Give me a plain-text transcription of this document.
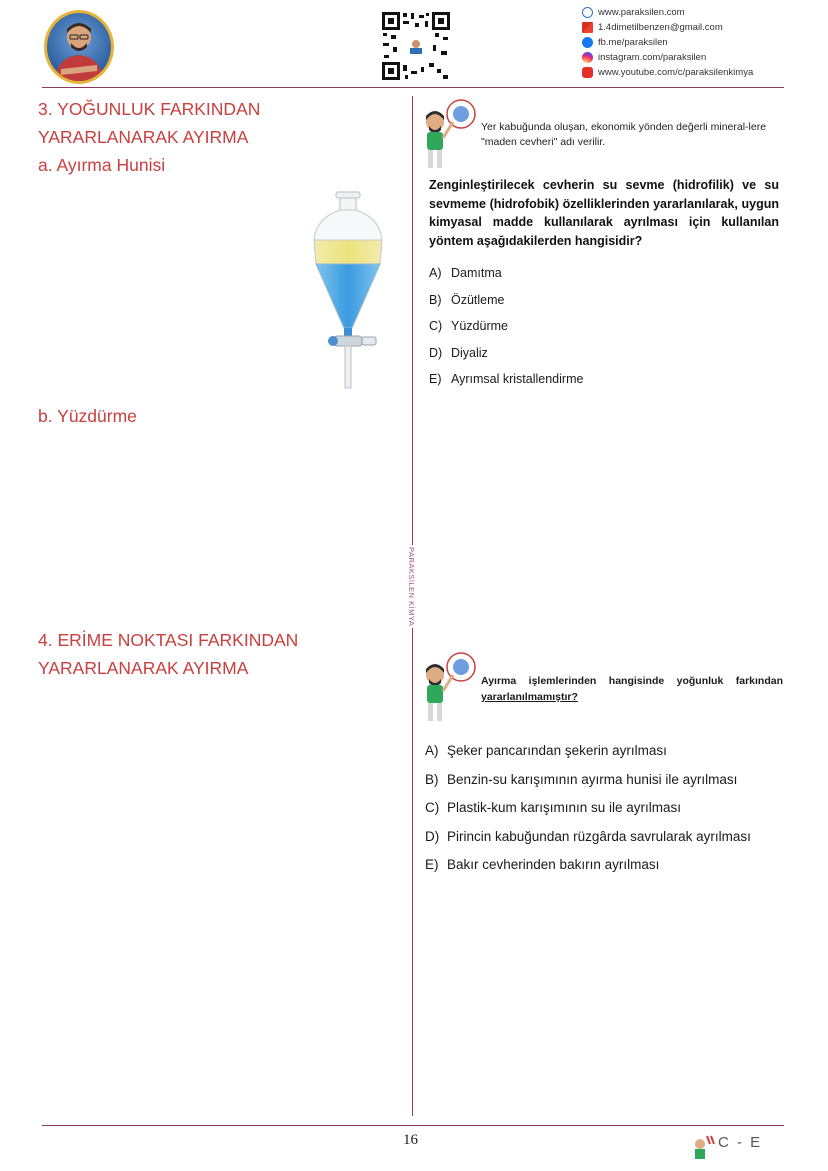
www.paraksilen.com
1.4dimetilbenzen@gmail.com
fb.me/paraksilen
instagram.com/paraksilen
www.youtube.com/c/paraksilenkimya
PARAKSİLEN KİMYA
3. YOĞUNLUK FARKINDAN
YARARLANARAK AYIRMA
a. Ayırma Hunisi
b. Yüzdürme
4. ERİME NOKTASI FARKINDAN
YARARLANARAK AYIRMA
Yer kabuğunda oluşan, ekonomik yönden değerli mineral-lere "maden cevheri" adı verilir.
Zenginleştirilecek cevherin su sevme (hidrofilik) ve su sevmeme (hidrofobik) özelliklerinden yararlanılarak, uygun kimyasal madde kullanılarak ayrılması için kullanılan yöntem aşağıdakilerden hangisidir?
A) Damıtma
B) Özütleme
C) Yüzdürme
D) Diyaliz
E) Ayrımsal kristallendirme
Ayırma işlemlerinden hangisinde yoğunluk farkından yararlanılmamıştır?
A) Şeker pancarından şekerin ayrılması
B) Benzin-su karışımının ayırma hunisi ile ayrılması
C) Plastik-kum karışımının su ile ayrılması
D) Pirincin kabuğundan rüzgârda savrularak ayrılması
E) Bakır cevherinden bakırın ayrılması
16	C - E
